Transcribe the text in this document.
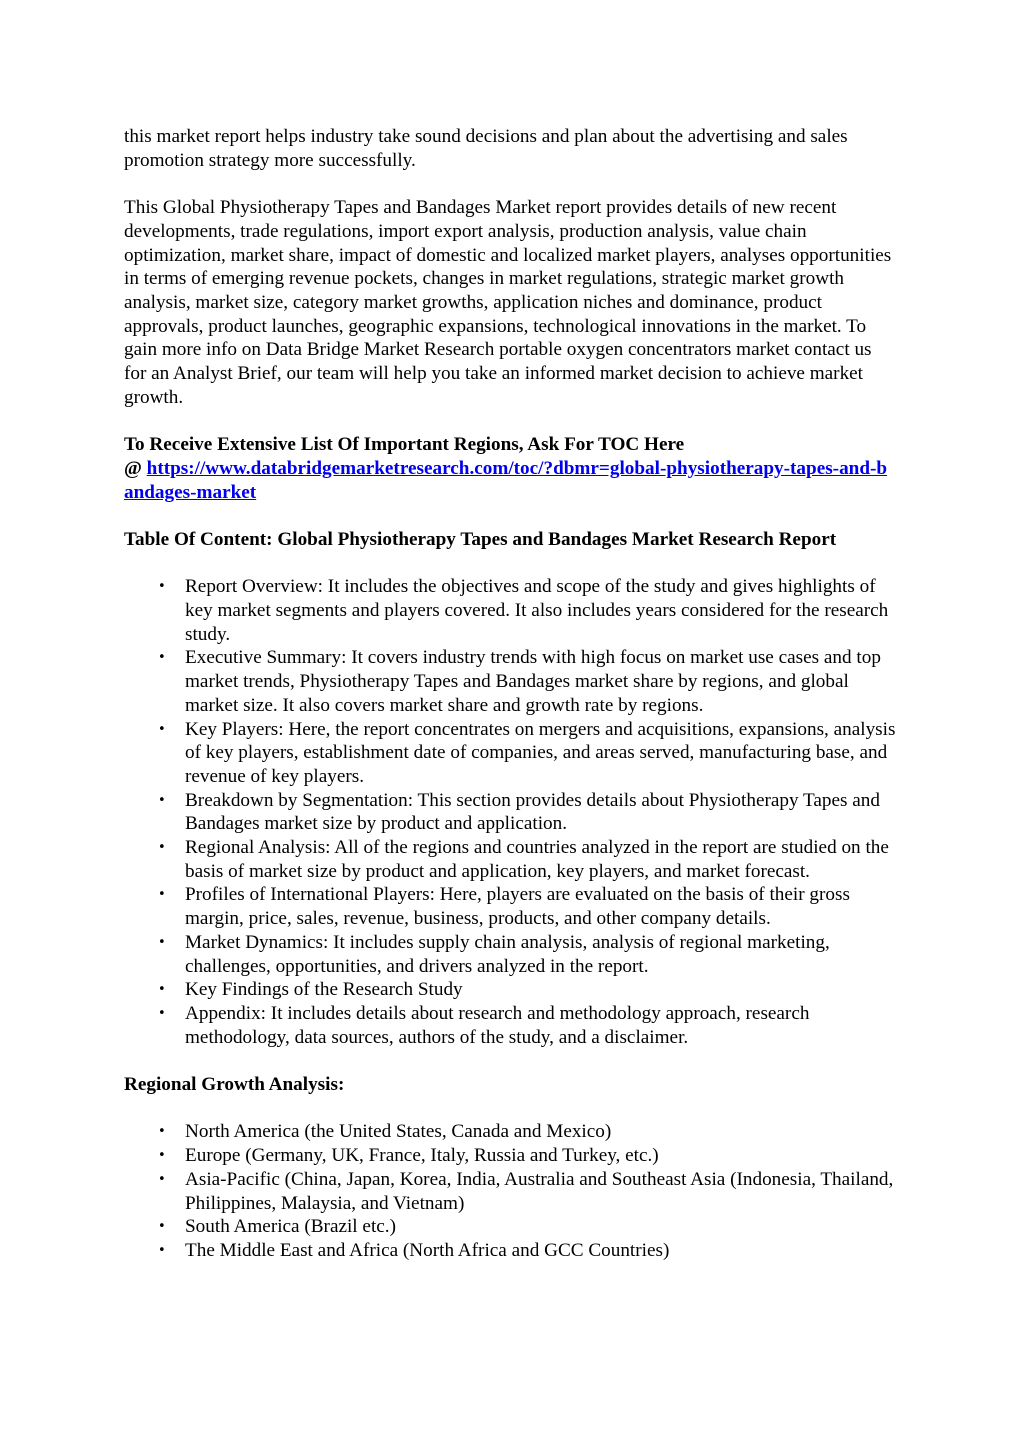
this market report helps industry take sound decisions and plan about the advertising and sales promotion strategy more successfully.

This Global Physiotherapy Tapes and Bandages Market report provides details of new recent developments, trade regulations, import export analysis, production analysis, value chain optimization, market share, impact of domestic and localized market players, analyses opportunities in terms of emerging revenue pockets, changes in market regulations, strategic market growth analysis, market size, category market growths, application niches and dominance, product approvals, product launches, geographic expansions, technological innovations in the market. To gain more info on Data Bridge Market Research portable oxygen concentrators market contact us for an Analyst Brief, our team will help you take an informed market decision to achieve market growth.

To Receive Extensive List Of Important Regions, Ask For TOC Here

@ https://www.databridgemarketresearch.com/toc/?dbmr=global-physiotherapy-tapes-and-bandages-market

Table Of Content: Global Physiotherapy Tapes and Bandages Market Research Report

• Report Overview: It includes the objectives and scope of the study and gives highlights of key market segments and players covered. It also includes years considered for the research study.
• Executive Summary: It covers industry trends with high focus on market use cases and top market trends, Physiotherapy Tapes and Bandages market share by regions, and global market size. It also covers market share and growth rate by regions.
• Key Players: Here, the report concentrates on mergers and acquisitions, expansions, analysis of key players, establishment date of companies, and areas served, manufacturing base, and revenue of key players.
• Breakdown by Segmentation: This section provides details about Physiotherapy Tapes and Bandages market size by product and application.
• Regional Analysis: All of the regions and countries analyzed in the report are studied on the basis of market size by product and application, key players, and market forecast.
• Profiles of International Players: Here, players are evaluated on the basis of their gross margin, price, sales, revenue, business, products, and other company details.
• Market Dynamics: It includes supply chain analysis, analysis of regional marketing, challenges, opportunities, and drivers analyzed in the report.
• Key Findings of the Research Study
• Appendix: It includes details about research and methodology approach, research methodology, data sources, authors of the study, and a disclaimer.

Regional Growth Analysis:

• North America (the United States, Canada and Mexico)
• Europe (Germany, UK, France, Italy, Russia and Turkey, etc.)
• Asia-Pacific (China, Japan, Korea, India, Australia and Southeast Asia (Indonesia, Thailand, Philippines, Malaysia, and Vietnam)
• South America (Brazil etc.)
• The Middle East and Africa (North Africa and GCC Countries)
